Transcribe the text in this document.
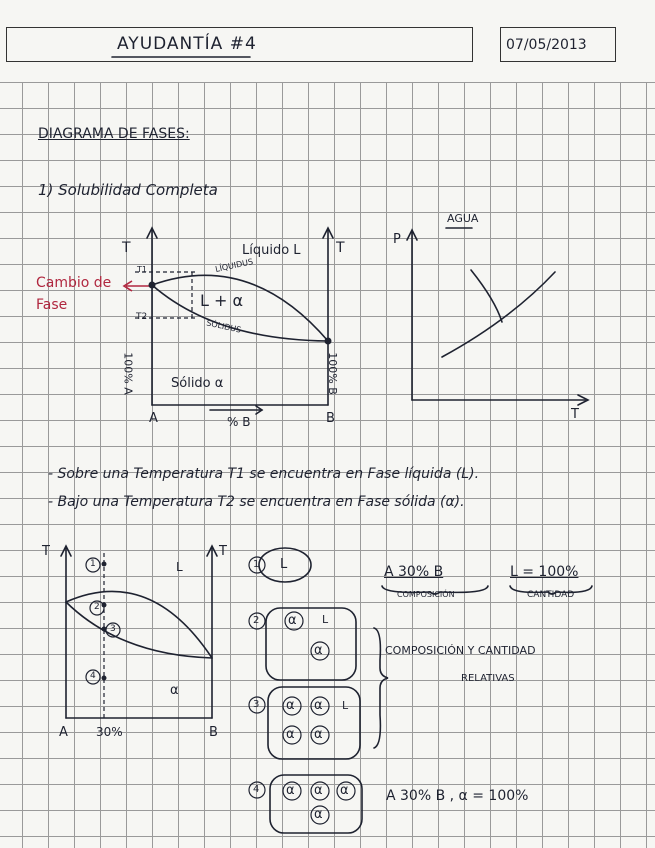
AYUDANTÍA #4	07/05/2013
DIAGRAMA DE FASES:
1) Solubilidad Completa
T	T
Líquido L
LÍQUIDUS
L + α
SÓLIDUS
Sólido α
T1
T2
100% A	100% B
A	B
% B
Cambio de Fase
AGUA
P
T
- Sobre una Temperatura T1 se encuentra en Fase líquida (L).
- Bajo una Temperatura T2 se encuentra en Fase sólida (α).
T	T
L
α
A 30%	B
1
2
3
4
1 L
2 α L
α
3 α α L
α α
4 α α α
α
A 30% B
COMPOSICIÓN
L = 100%
CANTIDAD
COMPOSICIÓN Y CANTIDAD
RELATIVAS
A 30% B , α = 100%
